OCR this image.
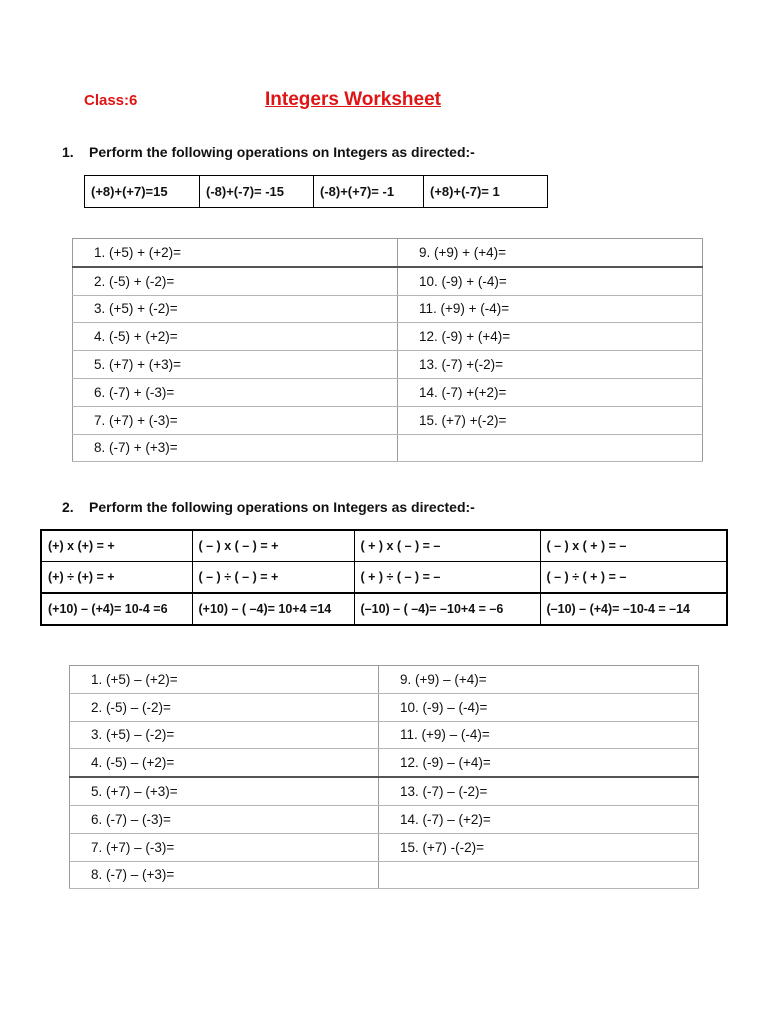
Class:6	Integers Worksheet
1. Perform the following operations on Integers as directed:-
(+8)+(+7)=15	(-8)+(-7)= -15	(-8)+(+7)= -1	(+8)+(-7)= 1
1. (+5) + (+2)=	9. (+9) + (+4)=
2. (-5) + (-2)=	10. (-9) + (-4)=
3. (+5) + (-2)=	11. (+9) + (-4)=
4. (-5) + (+2)=	12. (-9) + (+4)=
5. (+7) + (+3)=	13. (-7) +(-2)=
6. (-7) + (-3)=	14. (-7) +(+2)=
7. (+7) + (-3)=	15. (+7) +(-2)=
8. (-7) + (+3)=	
2. Perform the following operations on Integers as directed:-
(+) x (+) = +	( – ) x ( – ) = +	( + ) x ( – ) = –	( – ) x ( + ) = –
(+) ÷ (+) = +	( – ) ÷ ( – ) = +	( + ) ÷ ( – ) = –	( – ) ÷ ( + ) = –
(+10) – (+4)= 10-4 =6	(+10) – ( –4)= 10+4 =14	(–10) – ( –4)= –10+4 = –6	(–10) – (+4)= –10-4 = –14
1. (+5) – (+2)=	9. (+9) – (+4)=
2. (-5) – (-2)=	10. (-9) – (-4)=
3. (+5) – (-2)=	11. (+9) – (-4)=
4. (-5) – (+2)=	12. (-9) – (+4)=
5. (+7) – (+3)=	13. (-7) – (-2)=
6. (-7) – (-3)=	14. (-7) – (+2)=
7. (+7) – (-3)=	15. (+7) -(-2)=
8. (-7) – (+3)=	
